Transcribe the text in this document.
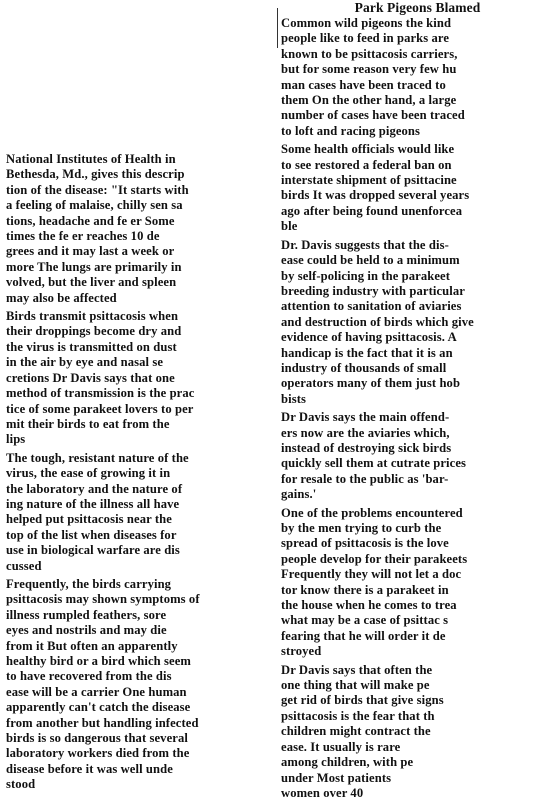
National Institutes of Health in
Bethesda, Md., gives this descrip
tion of the disease: "It starts with
a feeling of malaise, chilly sen sa
tions, headache and fe er Some
times the fe er reaches 10 de
grees and it may last a week or
more The lungs are primarily in
volved, but the liver and spleen
may also be affected
Birds transmit psittacosis when
their droppings become dry and
the virus is transmitted on dust
in the air by eye and nasal se
cretions Dr Davis says that one
method of transmission is the prac
tice of some parakeet lovers to per
mit their birds to eat from the
lips
The tough, resistant nature of the
virus, the ease of growing it in
the laboratory and the nature of
ing nature of the illness all have
helped put psittacosis near the
top of the list when diseases for
use in biological warfare are dis
cussed
Frequently, the birds carrying
psittacosis may shown symptoms of
illness rumpled feathers, sore
eyes and nostrils and may die
from it But often an apparently
healthy bird or a bird which seem
to have recovered from the dis
ease will be a carrier One human
apparently can't catch the disease
from another but handling infected
birds is so dangerous that several
laboratory workers died from the
disease before it was well unde
stood
Park Pigeons Blamed
Common wild pigeons the kind
people like to feed in parks are
known to be psittacosis carriers,
but for some reason very few hu
man cases have been traced to
them On the other hand, a large
number of cases have been traced
to loft and racing pigeons
Some health officials would like
to see restored a federal ban on
interstate shipment of psittacine
birds It was dropped several years
ago after being found unenforcea
ble
Dr. Davis suggests that the dis-
ease could be held to a minimum
by self-policing in the parakeet
breeding industry with particular
attention to sanitation of aviaries
and destruction of birds which give
evidence of having psittacosis. A
handicap is the fact that it is an
industry of thousands of small
operators many of them just hob
bists
Dr Davis says the main offend-
ers now are the aviaries which,
instead of destroying sick birds
quickly sell them at cutrate prices
for resale to the public as 'bar-
gains.'
One of the problems encountered
by the men trying to curb the
spread of psittacosis is the love
people develop for their parakeets
Frequently they will not let a doc
tor know there is a parakeet in
the house when he comes to trea
what may be a case of psittac s
fearing that he will order it de
stroyed
Dr Davis says that often the
one thing that will make pe
get rid of birds that give signs
psittacosis is the fear that th
children might contract the
ease. It usually is rare
among children, with pe
under Most patients
women over 40
